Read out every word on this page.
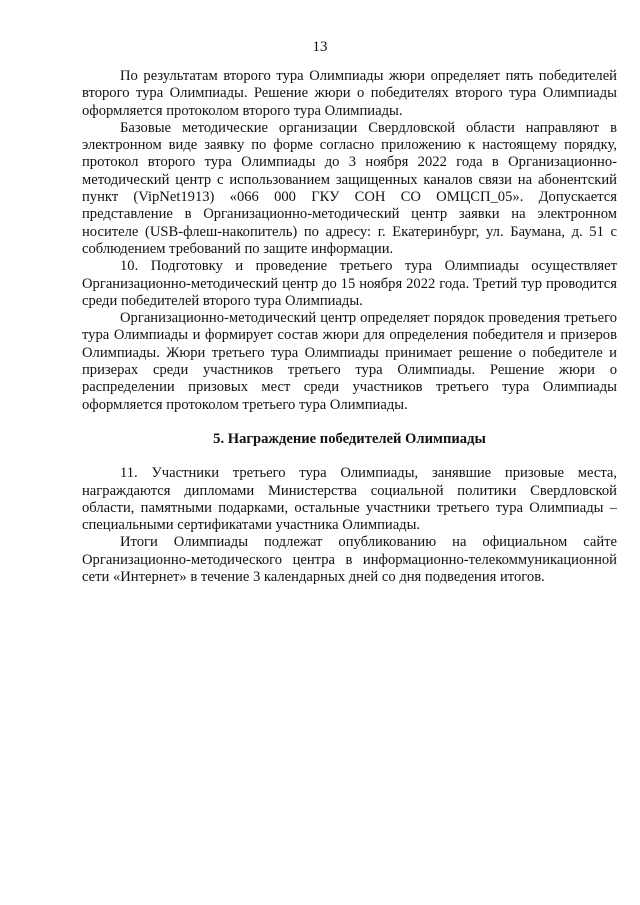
13

По результатам второго тура Олимпиады жюри определяет пять победителей второго тура Олимпиады. Решение жюри о победителях второго тура Олимпиады оформляется протоколом второго тура Олимпиады.

Базовые методические организации Свердловской области направляют в электронном виде заявку по форме согласно приложению к настоящему порядку, протокол второго тура Олимпиады до 3 ноября 2022 года в Организационно-методический центр с использованием защищенных каналов связи на абонентский пункт (VipNet1913) «066 000 ГКУ СОН СО ОМЦСП_05». Допускается представление в Организационно-методический центр заявки на электронном носителе (USB-флеш-накопитель) по адресу: г. Екатеринбург, ул. Баумана, д. 51 с соблюдением требований по защите информации.

10. Подготовку и проведение третьего тура Олимпиады осуществляет Организационно-методический центр до 15 ноября 2022 года. Третий тур проводится среди победителей второго тура Олимпиады.

Организационно-методический центр определяет порядок проведения третьего тура Олимпиады и формирует состав жюри для определения победителя и призеров Олимпиады. Жюри третьего тура Олимпиады принимает решение о победителе и призерах среди участников третьего тура Олимпиады. Решение жюри о распределении призовых мест среди участников третьего тура Олимпиады оформляется протоколом третьего тура Олимпиады.

5. Награждение победителей Олимпиады

11. Участники третьего тура Олимпиады, занявшие призовые места, награждаются дипломами Министерства социальной политики Свердловской области, памятными подарками, остальные участники третьего тура Олимпиады – специальными сертификатами участника Олимпиады.

Итоги Олимпиады подлежат опубликованию на официальном сайте Организационно-методического центра в информационно-телекоммуникационной сети «Интернет» в течение 3 календарных дней со дня подведения итогов.
